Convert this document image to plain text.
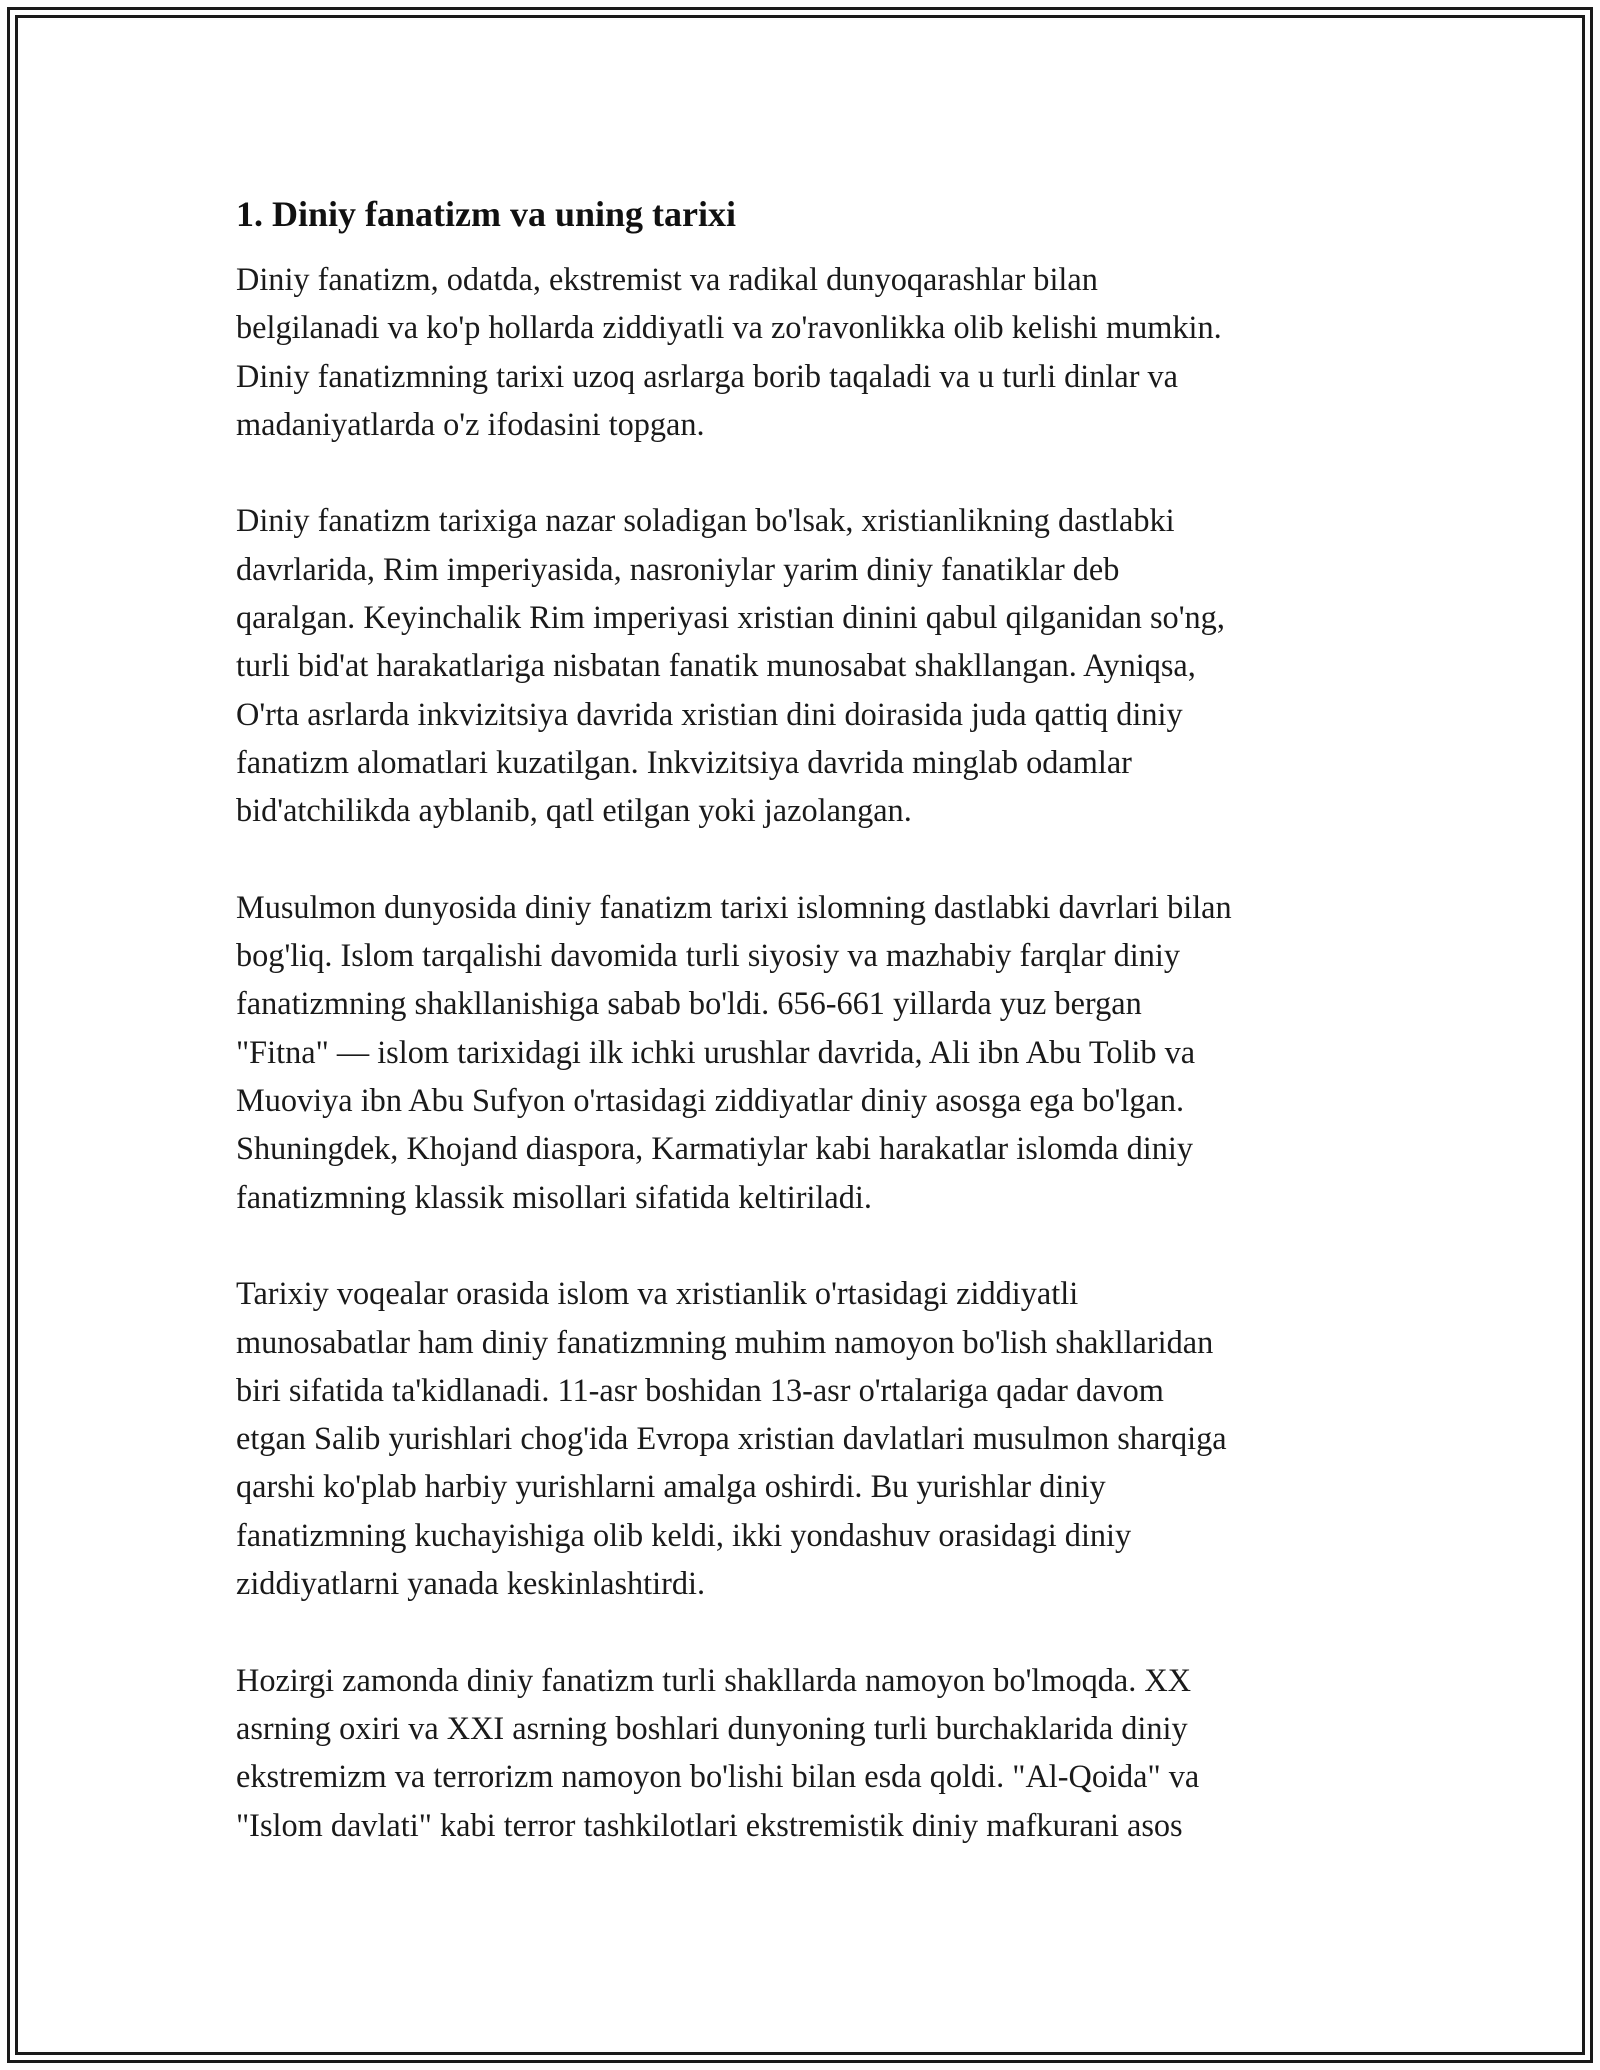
1. Diniy fanatizm va uning tarixi

Diniy fanatizm, odatda, ekstremist va radikal dunyoqarashlar bilan
belgilanadi va ko'p hollarda ziddiyatli va zo'ravonlikka olib kelishi mumkin.
Diniy fanatizmning tarixi uzoq asrlarga borib taqaladi va u turli dinlar va
madaniyatlarda o'z ifodasini topgan.

Diniy fanatizm tarixiga nazar soladigan bo'lsak, xristianlikning dastlabki
davrlarida, Rim imperiyasida, nasroniylar yarim diniy fanatiklar deb
qaralgan. Keyinchalik Rim imperiyasi xristian dinini qabul qilganidan so'ng,
turli bid'at harakatlariga nisbatan fanatik munosabat shakllangan. Ayniqsa,
O'rta asrlarda inkvizitsiya davrida xristian dini doirasida juda qattiq diniy
fanatizm alomatlari kuzatilgan. Inkvizitsiya davrida minglab odamlar
bid'atchilikda ayblanib, qatl etilgan yoki jazolangan.

Musulmon dunyosida diniy fanatizm tarixi islomning dastlabki davrlari bilan
bog'liq. Islom tarqalishi davomida turli siyosiy va mazhabiy farqlar diniy
fanatizmning shakllanishiga sabab bo'ldi. 656-661 yillarda yuz bergan
"Fitna" — islom tarixidagi ilk ichki urushlar davrida, Ali ibn Abu Tolib va
Muoviya ibn Abu Sufyon o'rtasidagi ziddiyatlar diniy asosga ega bo'lgan.
Shuningdek, Khojand diaspora, Karmatiylar kabi harakatlar islomda diniy
fanatizmning klassik misollari sifatida keltiriladi.

Tarixiy voqealar orasida islom va xristianlik o'rtasidagi ziddiyatli
munosabatlar ham diniy fanatizmning muhim namoyon bo'lish shakllaridan
biri sifatida ta'kidlanadi. 11-asr boshidan 13-asr o'rtalariga qadar davom
etgan Salib yurishlari chog'ida Evropa xristian davlatlari musulmon sharqiga
qarshi ko'plab harbiy yurishlarni amalga oshirdi. Bu yurishlar diniy
fanatizmning kuchayishiga olib keldi, ikki yondashuv orasidagi diniy
ziddiyatlarni yanada keskinlashtirdi.

Hozirgi zamonda diniy fanatizm turli shakllarda namoyon bo'lmoqda. XX
asrning oxiri va XXI asrning boshlari dunyoning turli burchaklarida diniy
ekstremizm va terrorizm namoyon bo'lishi bilan esda qoldi. "Al-Qoida" va
"Islom davlati" kabi terror tashkilotlari ekstremistik diniy mafkurani asos
